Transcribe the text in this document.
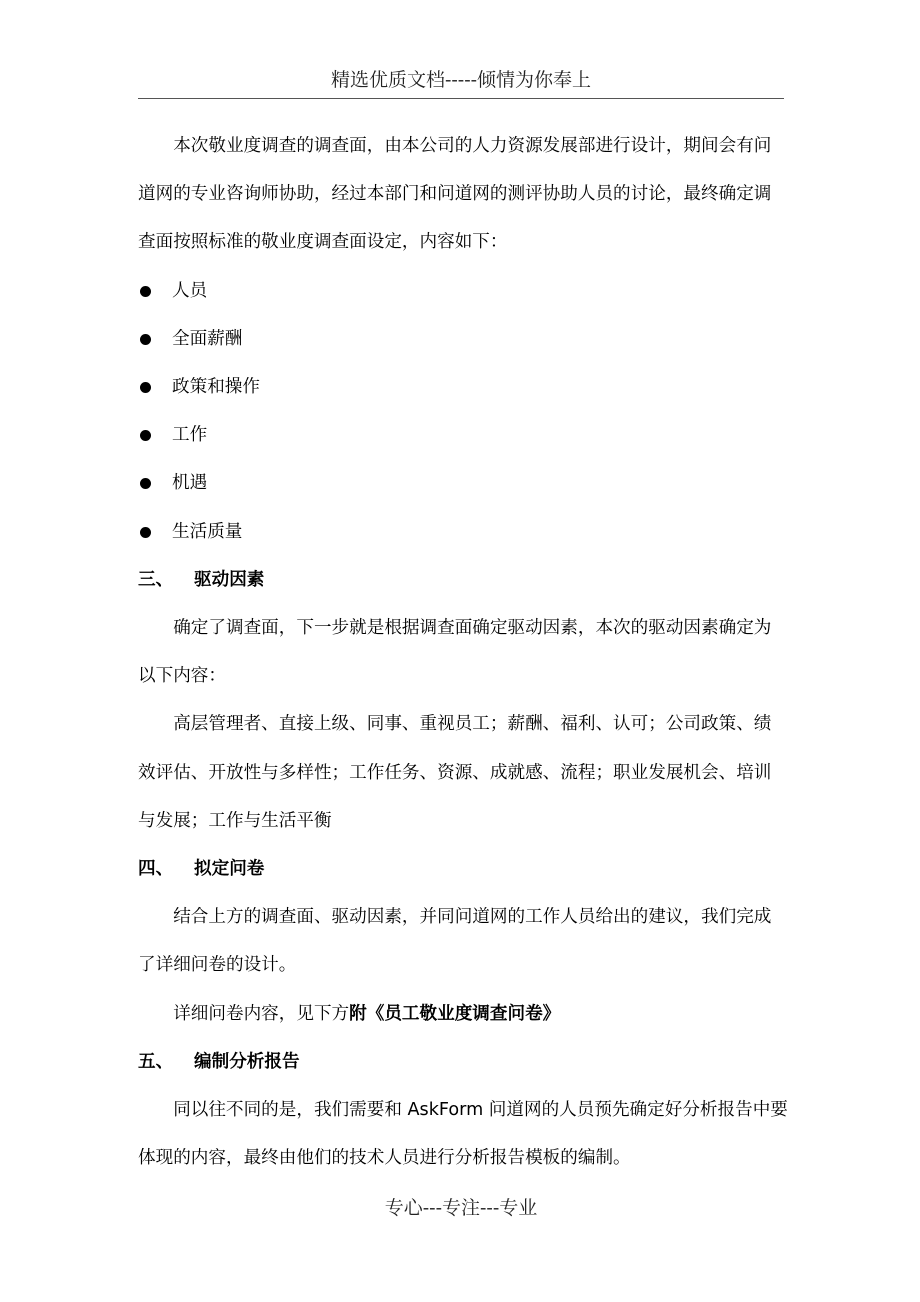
精选优质文档-----倾情为你奉上

本次敬业度调查的调查面，由本公司的人力资源发展部进行设计，期间会有问道网的专业咨询师协助，经过本部门和问道网的测评协助人员的讨论，最终确定调查面按照标准的敬业度调查面设定，内容如下：

人员
全面薪酬
政策和操作
工作
机遇
生活质量

三、 驱动因素

确定了调查面，下一步就是根据调查面确定驱动因素，本次的驱动因素确定为以下内容：

高层管理者、直接上级、同事、重视员工；薪酬、福利、认可；公司政策、绩效评估、开放性与多样性；工作任务、资源、成就感、流程；职业发展机会、培训与发展；工作与生活平衡

四、 拟定问卷

结合上方的调查面、驱动因素，并同问道网的工作人员给出的建议，我们完成了详细问卷的设计。

详细问卷内容，见下方附《员工敬业度调查问卷》

五、 编制分析报告

同以往不同的是，我们需要和 AskForm 问道网的人员预先确定好分析报告中要体现的内容，最终由他们的技术人员进行分析报告模板的编制。

专心---专注---专业
